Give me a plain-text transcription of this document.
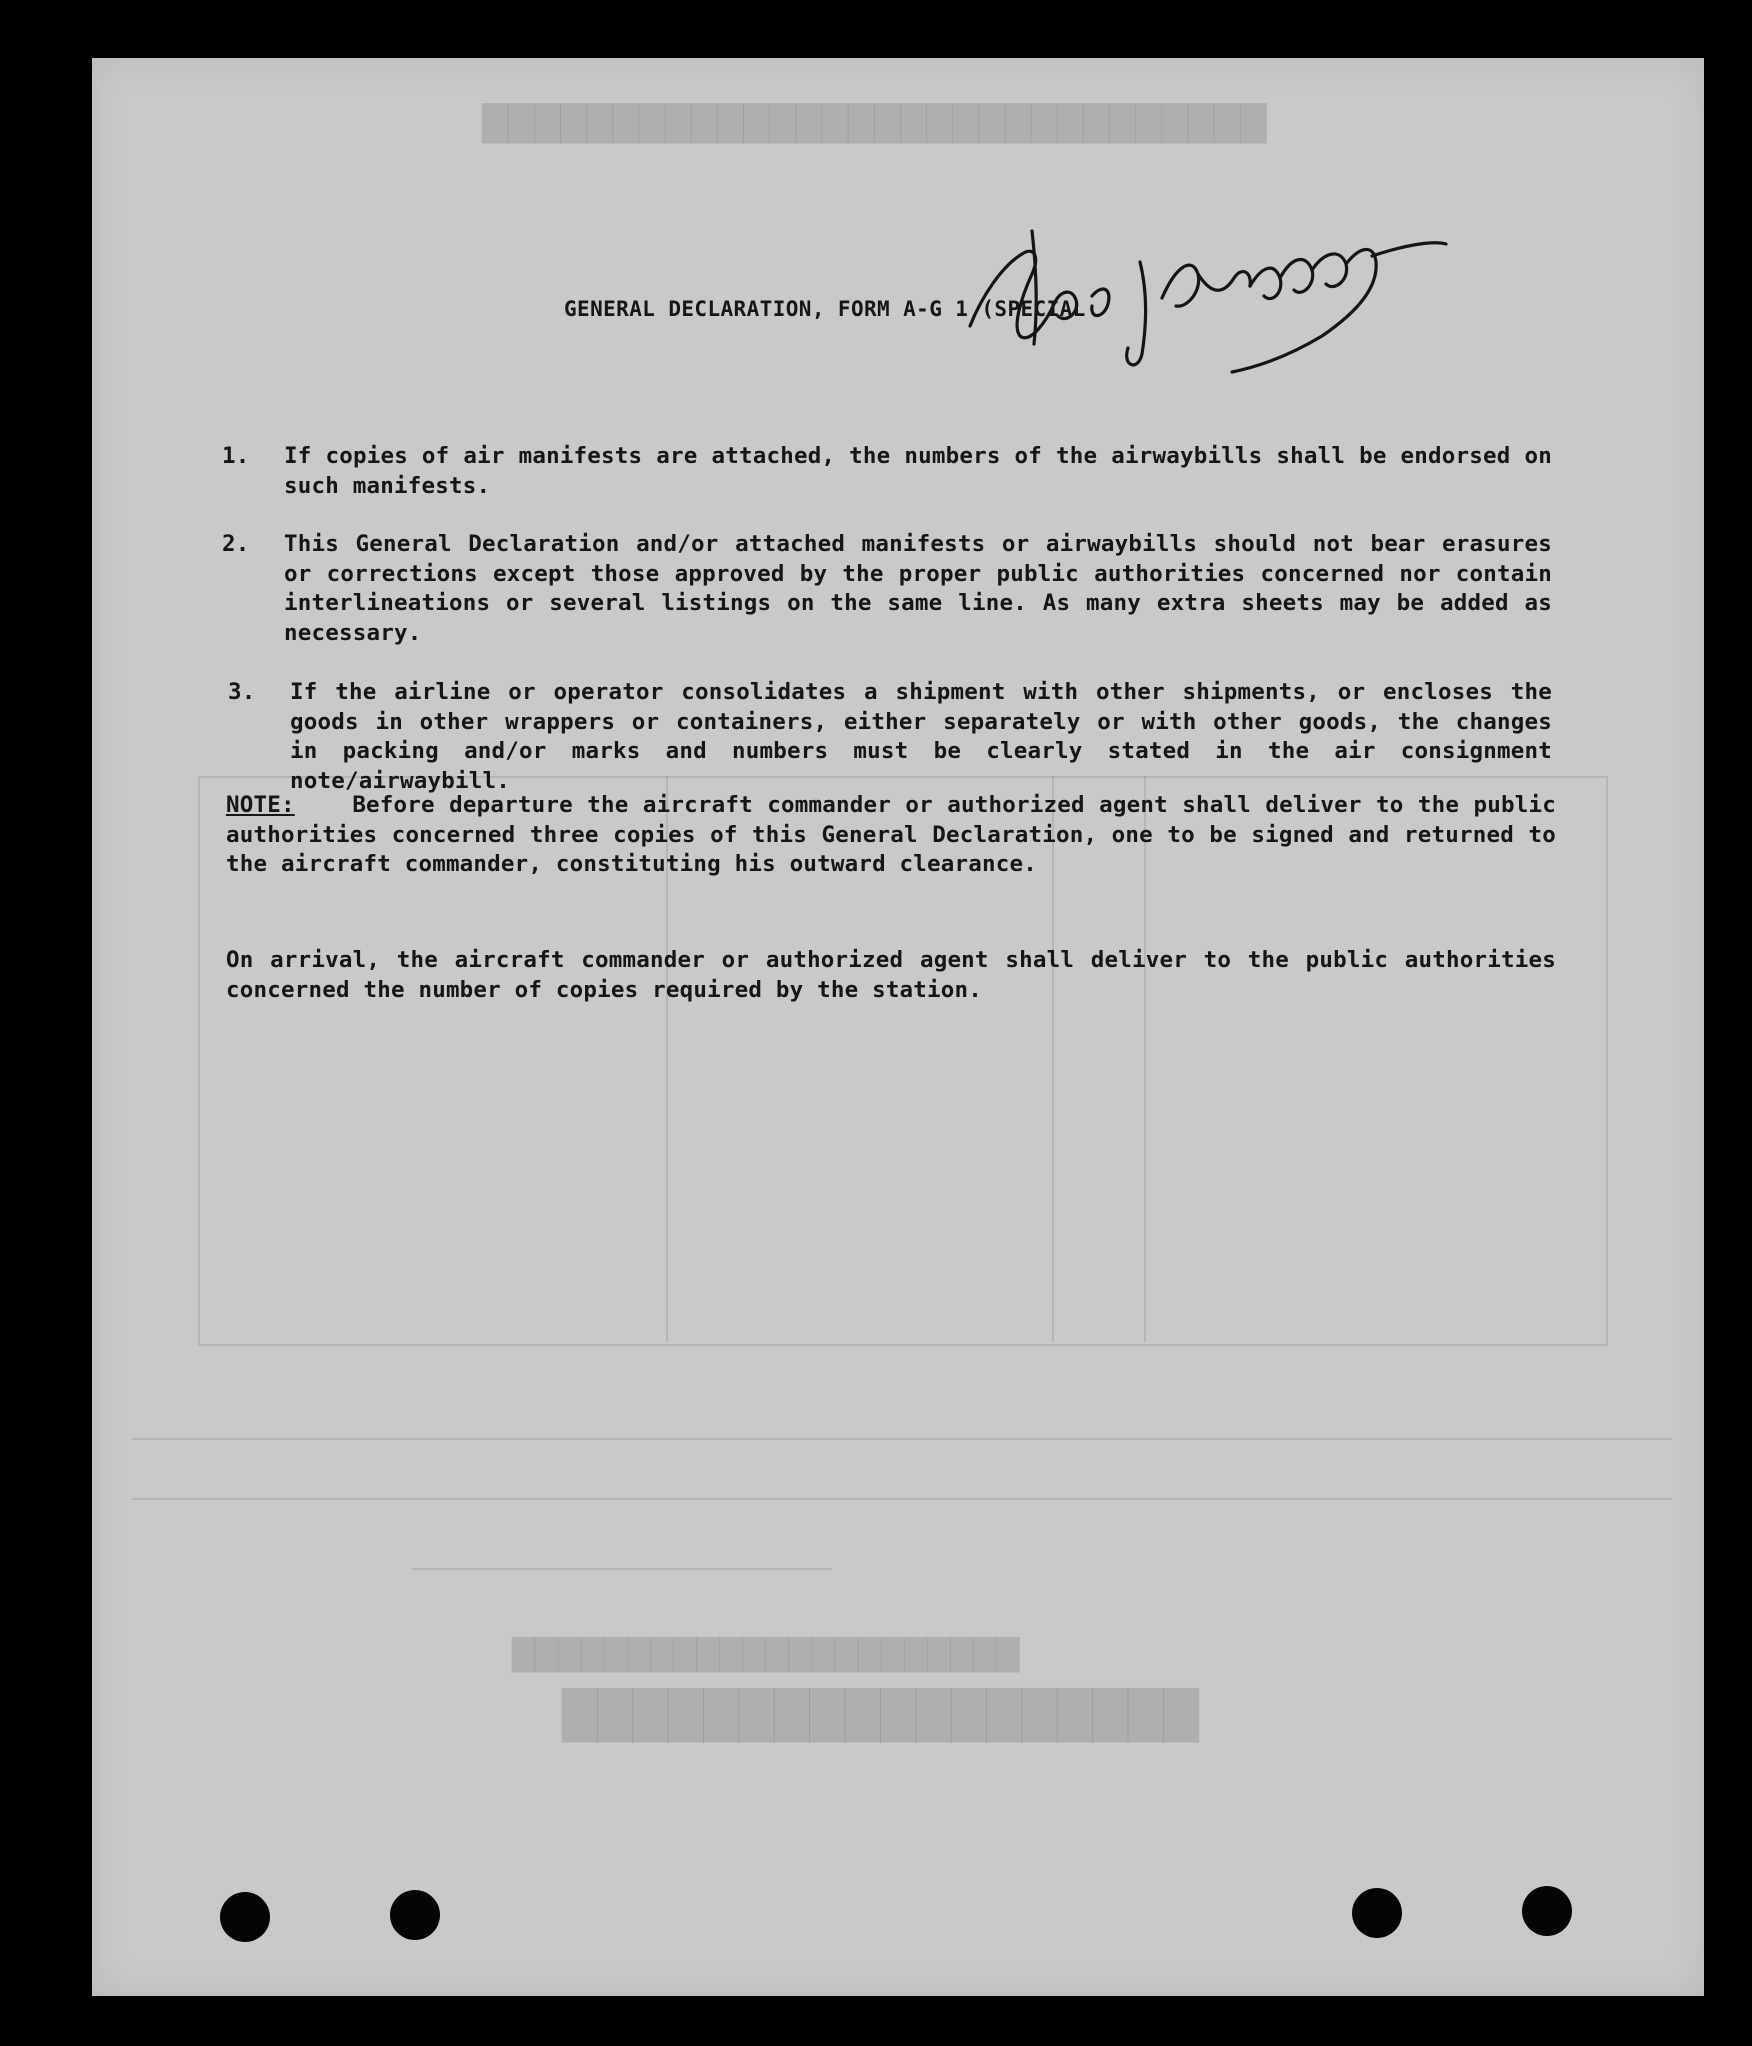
██████████████████████████████
██████████████████████
██████████████████
GENERAL DECLARATION, FORM A-G 1 (SPECIAL
1.	If copies of air manifests are attached, the numbers of the airwaybills shall be endorsed on such manifests.
2.	This General Declaration and/or attached manifests or airwaybills should not bear erasures or corrections except those approved by the proper public authorities concerned nor contain interlineations or several listings on the same line. As many extra sheets may be added as necessary.
3.	If the airline or operator consolidates a shipment with other shipments, or encloses the goods in other wrappers or containers, either separately or with other goods, the changes in packing and/or marks and numbers must be clearly stated in the air consignment note/airwaybill.
NOTE:	Before departure the aircraft commander or authorized agent shall deliver to the public authorities concerned three copies of this General Declaration, one to be signed and returned to the aircraft commander, constituting his outward clearance.
On arrival, the aircraft commander or authorized agent shall deliver to the public authorities concerned the number of copies required by the station.
